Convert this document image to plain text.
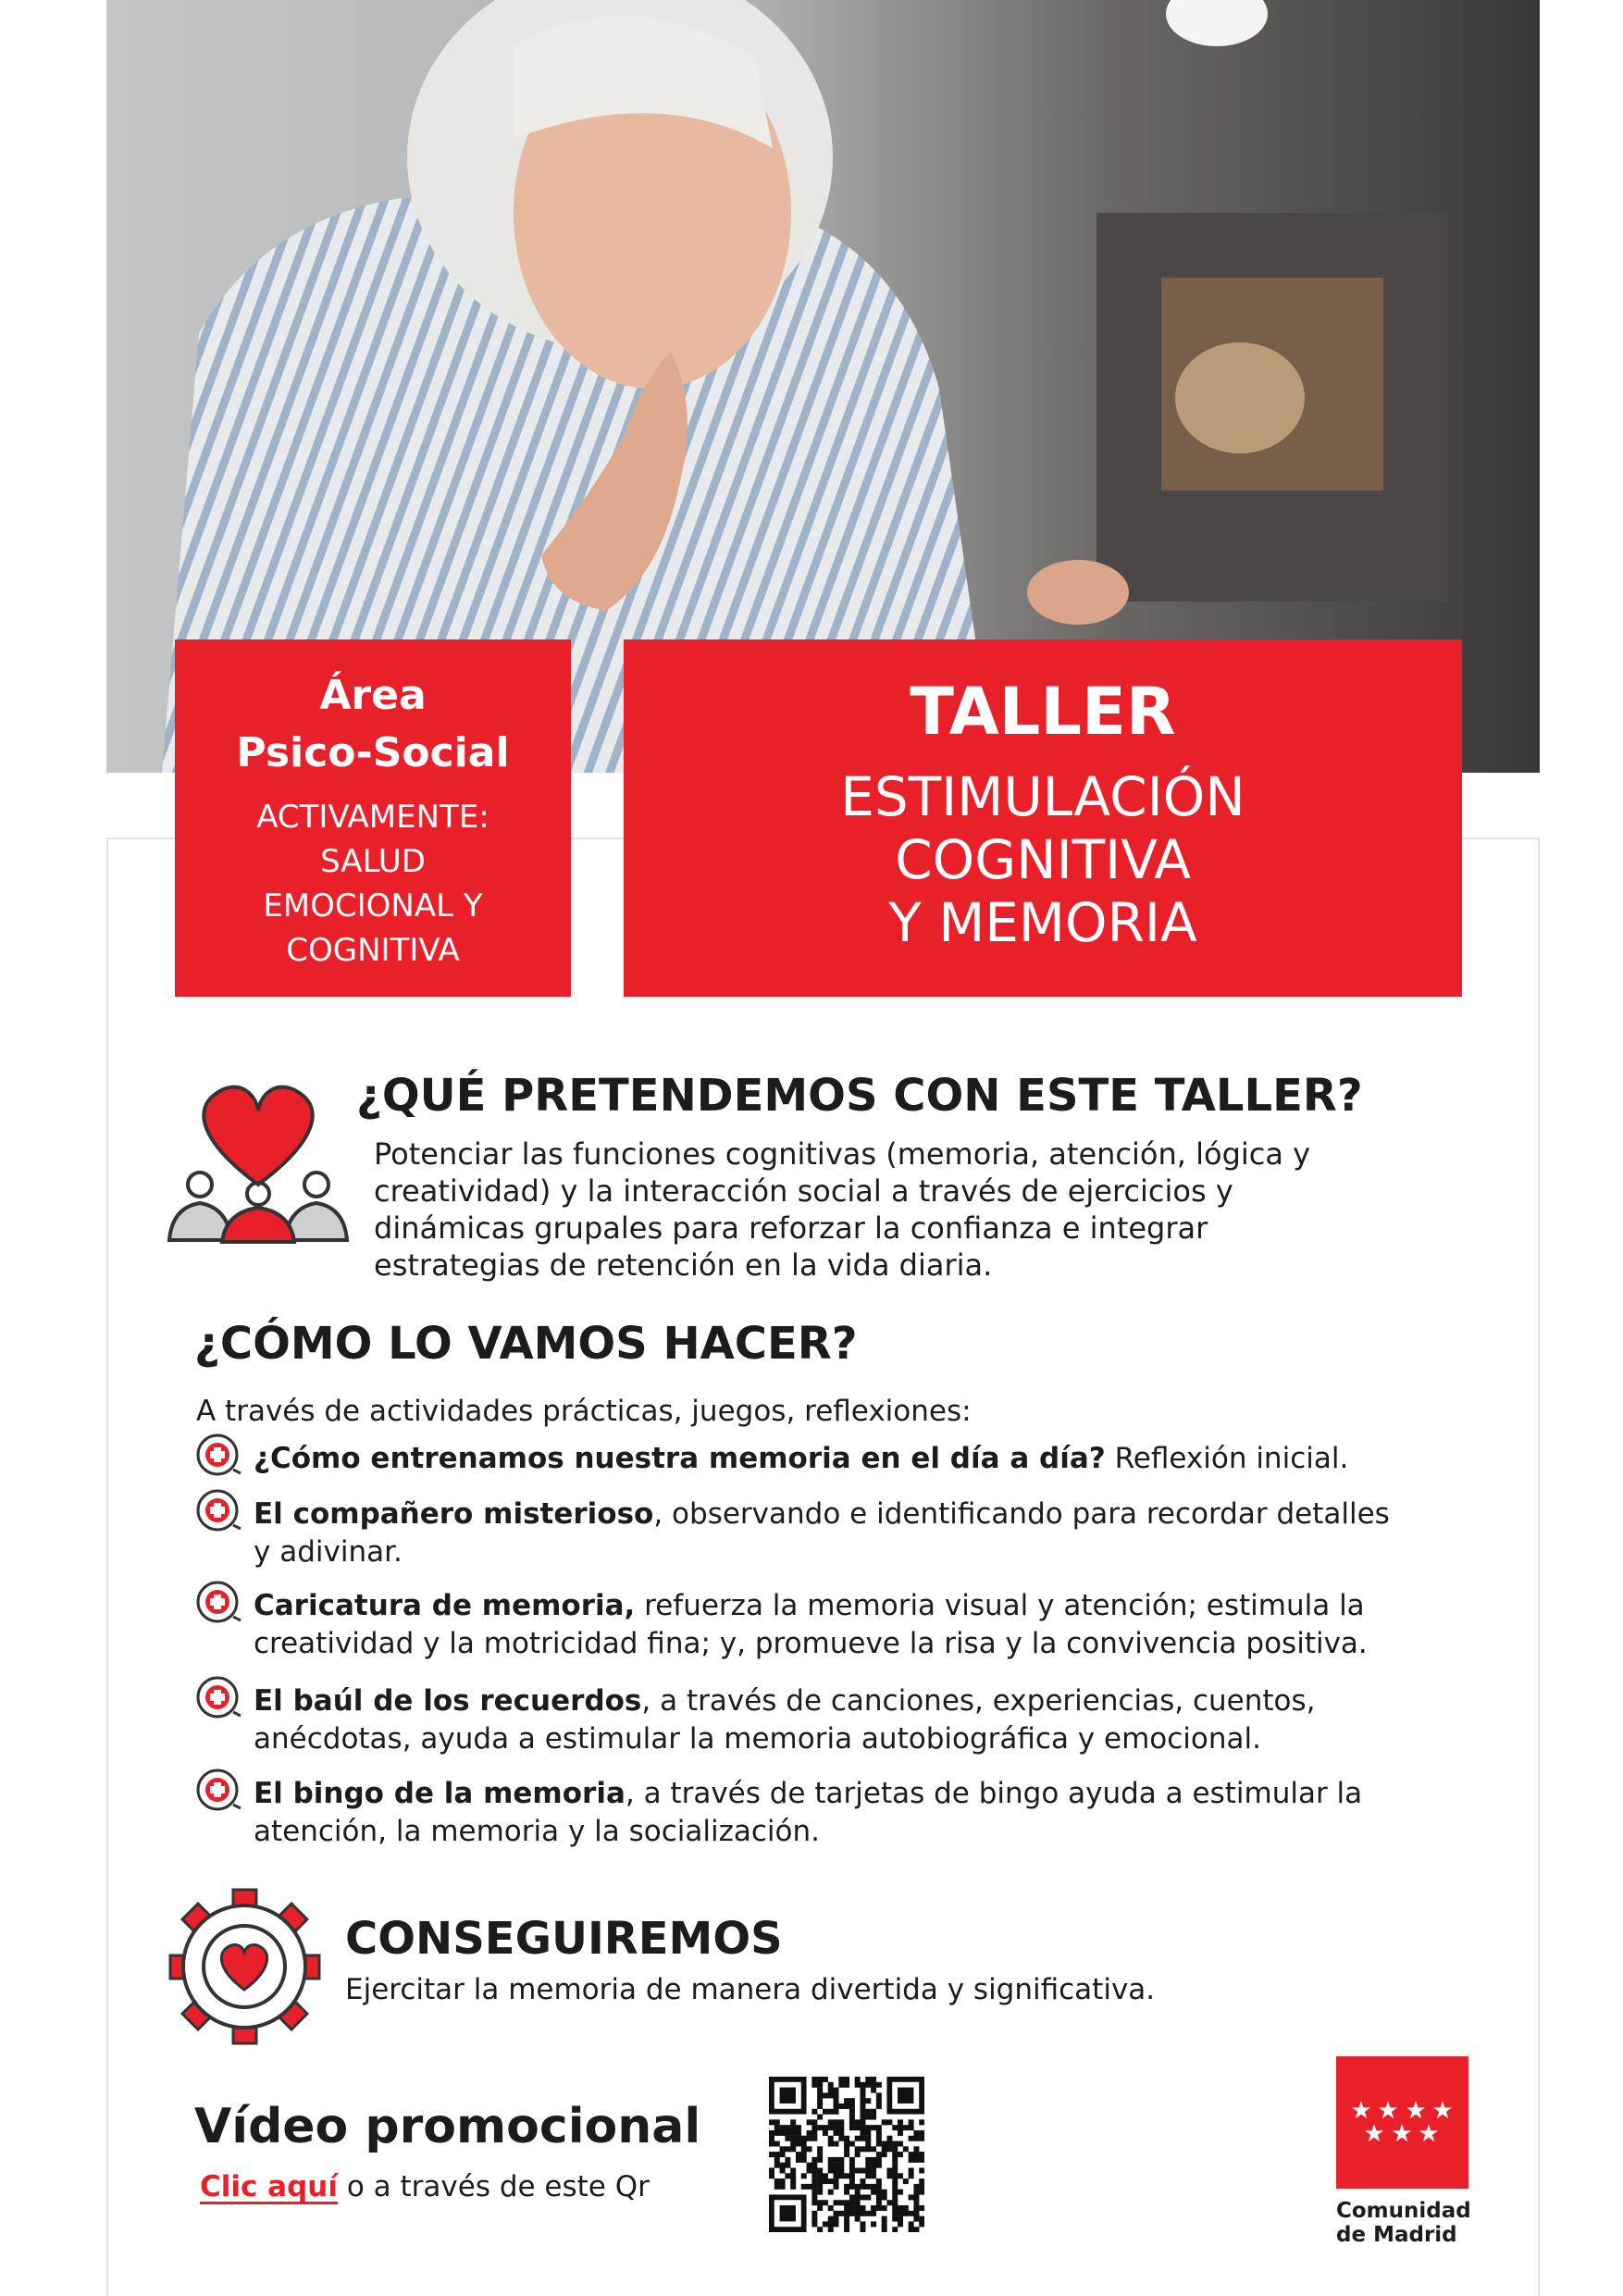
Área
Psico-Social
ACTIVAMENTE:
SALUD
EMOCIONAL Y
COGNITIVA
TALLER
ESTIMULACIÓN
COGNITIVA
Y MEMORIA
¿QUÉ PRETENDEMOS CON ESTE TALLER?
Potenciar las funciones cognitivas (memoria, atención, lógica y
creatividad) y la interacción social a través de ejercicios y
dinámicas grupales para reforzar la confianza e integrar
estrategias de retención en la vida diaria.
¿CÓMO LO VAMOS HACER?
A través de actividades prácticas, juegos, reflexiones:
¿Cómo entrenamos nuestra memoria en el día a día? Reflexión inicial.

El compañero misterioso, observando e identificando para recordar detalles
y adivinar.
Caricatura de memoria, refuerza la memoria visual y atención; estimula la
creatividad y la motricidad fina; y, promueve la risa y la convivencia positiva.
El baúl de los recuerdos, a través de canciones, experiencias, cuentos,
anécdotas, ayuda a estimular la memoria autobiográfica y emocional.
El bingo de la memoria, a través de tarjetas de bingo ayuda a estimular la
atención, la memoria y la socialización.
CONSEGUIREMOS
Ejercitar la memoria de manera divertida y significativa.
Vídeo promocional
Clic aquí o a través de este Qr
★ ★ ★ ★
★ ★ ★
Comunidad
de Madrid
